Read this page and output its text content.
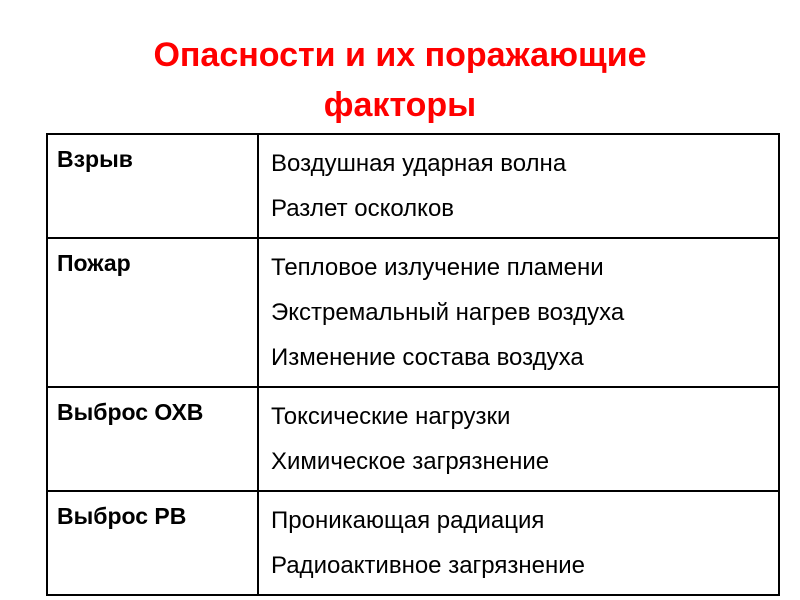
Опасности и их поражающие
факторы
Взрыв	Воздушная ударная волна
Разлет осколков

Пожар	Тепловое излучение пламени
Экстремальный нагрев воздуха
Изменение состава воздуха

Выброс ОХВ	Токсические нагрузки
Химическое загрязнение

Выброс РВ	Проникающая радиация
Радиоактивное загрязнение
